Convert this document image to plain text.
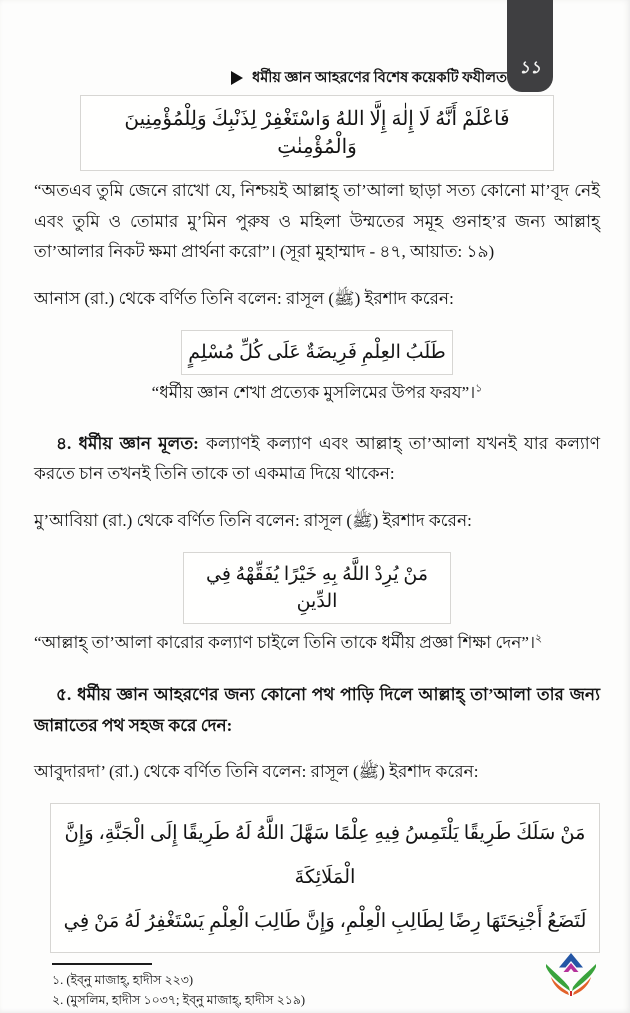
১১
ধর্মীয় জ্ঞান আহরণের বিশেষ কয়েকটি ফযীলত
فَاعْلَمْ أَنَّهُ لَا إِلٰهَ إِلَّا اللهُ وَاسْتَغْفِرْ لِذَنْبِكَ وَلِلْمُؤْمِنِينَ وَالْمُؤْمِنٰتِ

“অতএব তুমি জেনে রাখো যে, নিশ্চয়ই আল্লাহ্ তা’আলা ছাড়া সত্য কোনো মা’বূদ নেই এবং তুমি ও তোমার মু’মিন পুরুষ ও মহিলা উম্মতের সমূহ গুনাহ’র জন্য আল্লাহ্ তা’আলার নিকট ক্ষমা প্রার্থনা করো”। (সূরা মুহাম্মাদ - ৪৭, আয়াত: ১৯)

আনাস (রা.) থেকে বর্ণিত তিনি বলেন: রাসূল (ﷺ) ইরশাদ করেন:

طَلَبُ العِلْمِ فَرِيضَةٌ عَلَى كُلِّ مُسْلِمٍ

“ধর্মীয় জ্ঞান শেখা প্রত্যেক মুসলিমের উপর ফরয”।$^১$

৪. ধর্মীয় জ্ঞান মূলত: কল্যাণই কল্যাণ এবং আল্লাহ্ তা’আলা যখনই যার কল্যাণ করতে চান তখনই তিনি তাকে তা একমাত্র দিয়ে থাকেন:

মু’আবিয়া (রা.) থেকে বর্ণিত তিনি বলেন: রাসূল (ﷺ) ইরশাদ করেন:

مَنْ يُرِدْ اللَّهُ بِهِ خَيْرًا يُفَقِّهْهُ فِي الدِّينِ

“আল্লাহ্ তা’আলা কারোর কল্যাণ চাইলে তিনি তাকে ধর্মীয় প্রজ্ঞা শিক্ষা দেন”।$^২$

৫. ধর্মীয় জ্ঞান আহরণের জন্য কোনো পথ পাড়ি দিলে আল্লাহ্ তা’আলা তার জন্য জান্নাতের পথ সহজ করে দেন:

আবুদারদা’ (রা.) থেকে বর্ণিত তিনি বলেন: রাসূল (ﷺ) ইরশাদ করেন:

مَنْ سَلَكَ طَرِيقًا يَلْتَمِسُ فِيهِ عِلْمًا سَهَّلَ اللَّهُ لَهُ طَرِيقًا إِلَى الْجَنَّةِ، وَإِنَّ الْمَلَائِكَةَ
لَتَضَعُ أَجْنِحَتَهَا رِضًا لِطَالِبِ الْعِلْمِ، وَإِنَّ طَالِبَ الْعِلْمِ يَسْتَغْفِرُ لَهُ مَنْ فِي
১. (ইব্‌নু মাজাহ্, হাদীস ২২৩)
২. (মুসলিম, হাদীস ১০৩৭; ইব্‌নু মাজাহ্, হাদীস ২১৯)
